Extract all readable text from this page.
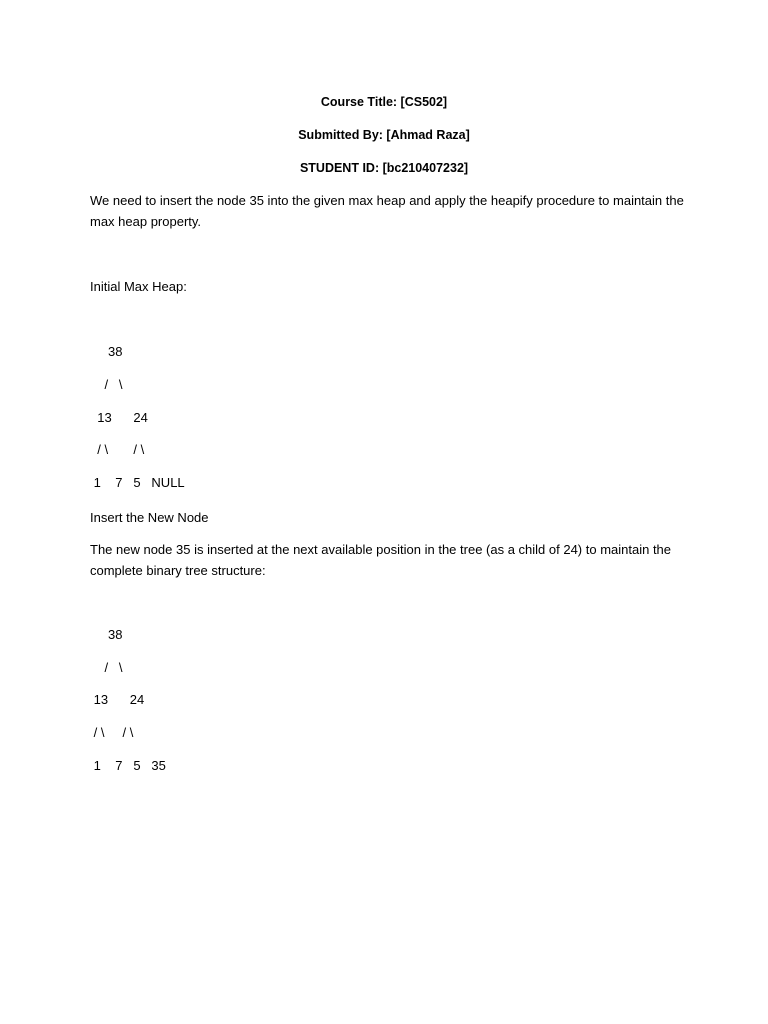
Course Title: [CS502]

Submitted By: [Ahmad Raza]

STUDENT ID: [bc210407232]

We need to insert the node 35 into the given max heap and apply the heapify procedure to maintain the max heap property.

Initial Max Heap:

38

/   \

13      24

/ \       / \

1    7   5   NULL

Insert the New Node

The new node 35 is inserted at the next available position in the tree (as a child of 24) to maintain the complete binary tree structure:

38

/   \

13      24

/ \     / \

1    7   5   35
